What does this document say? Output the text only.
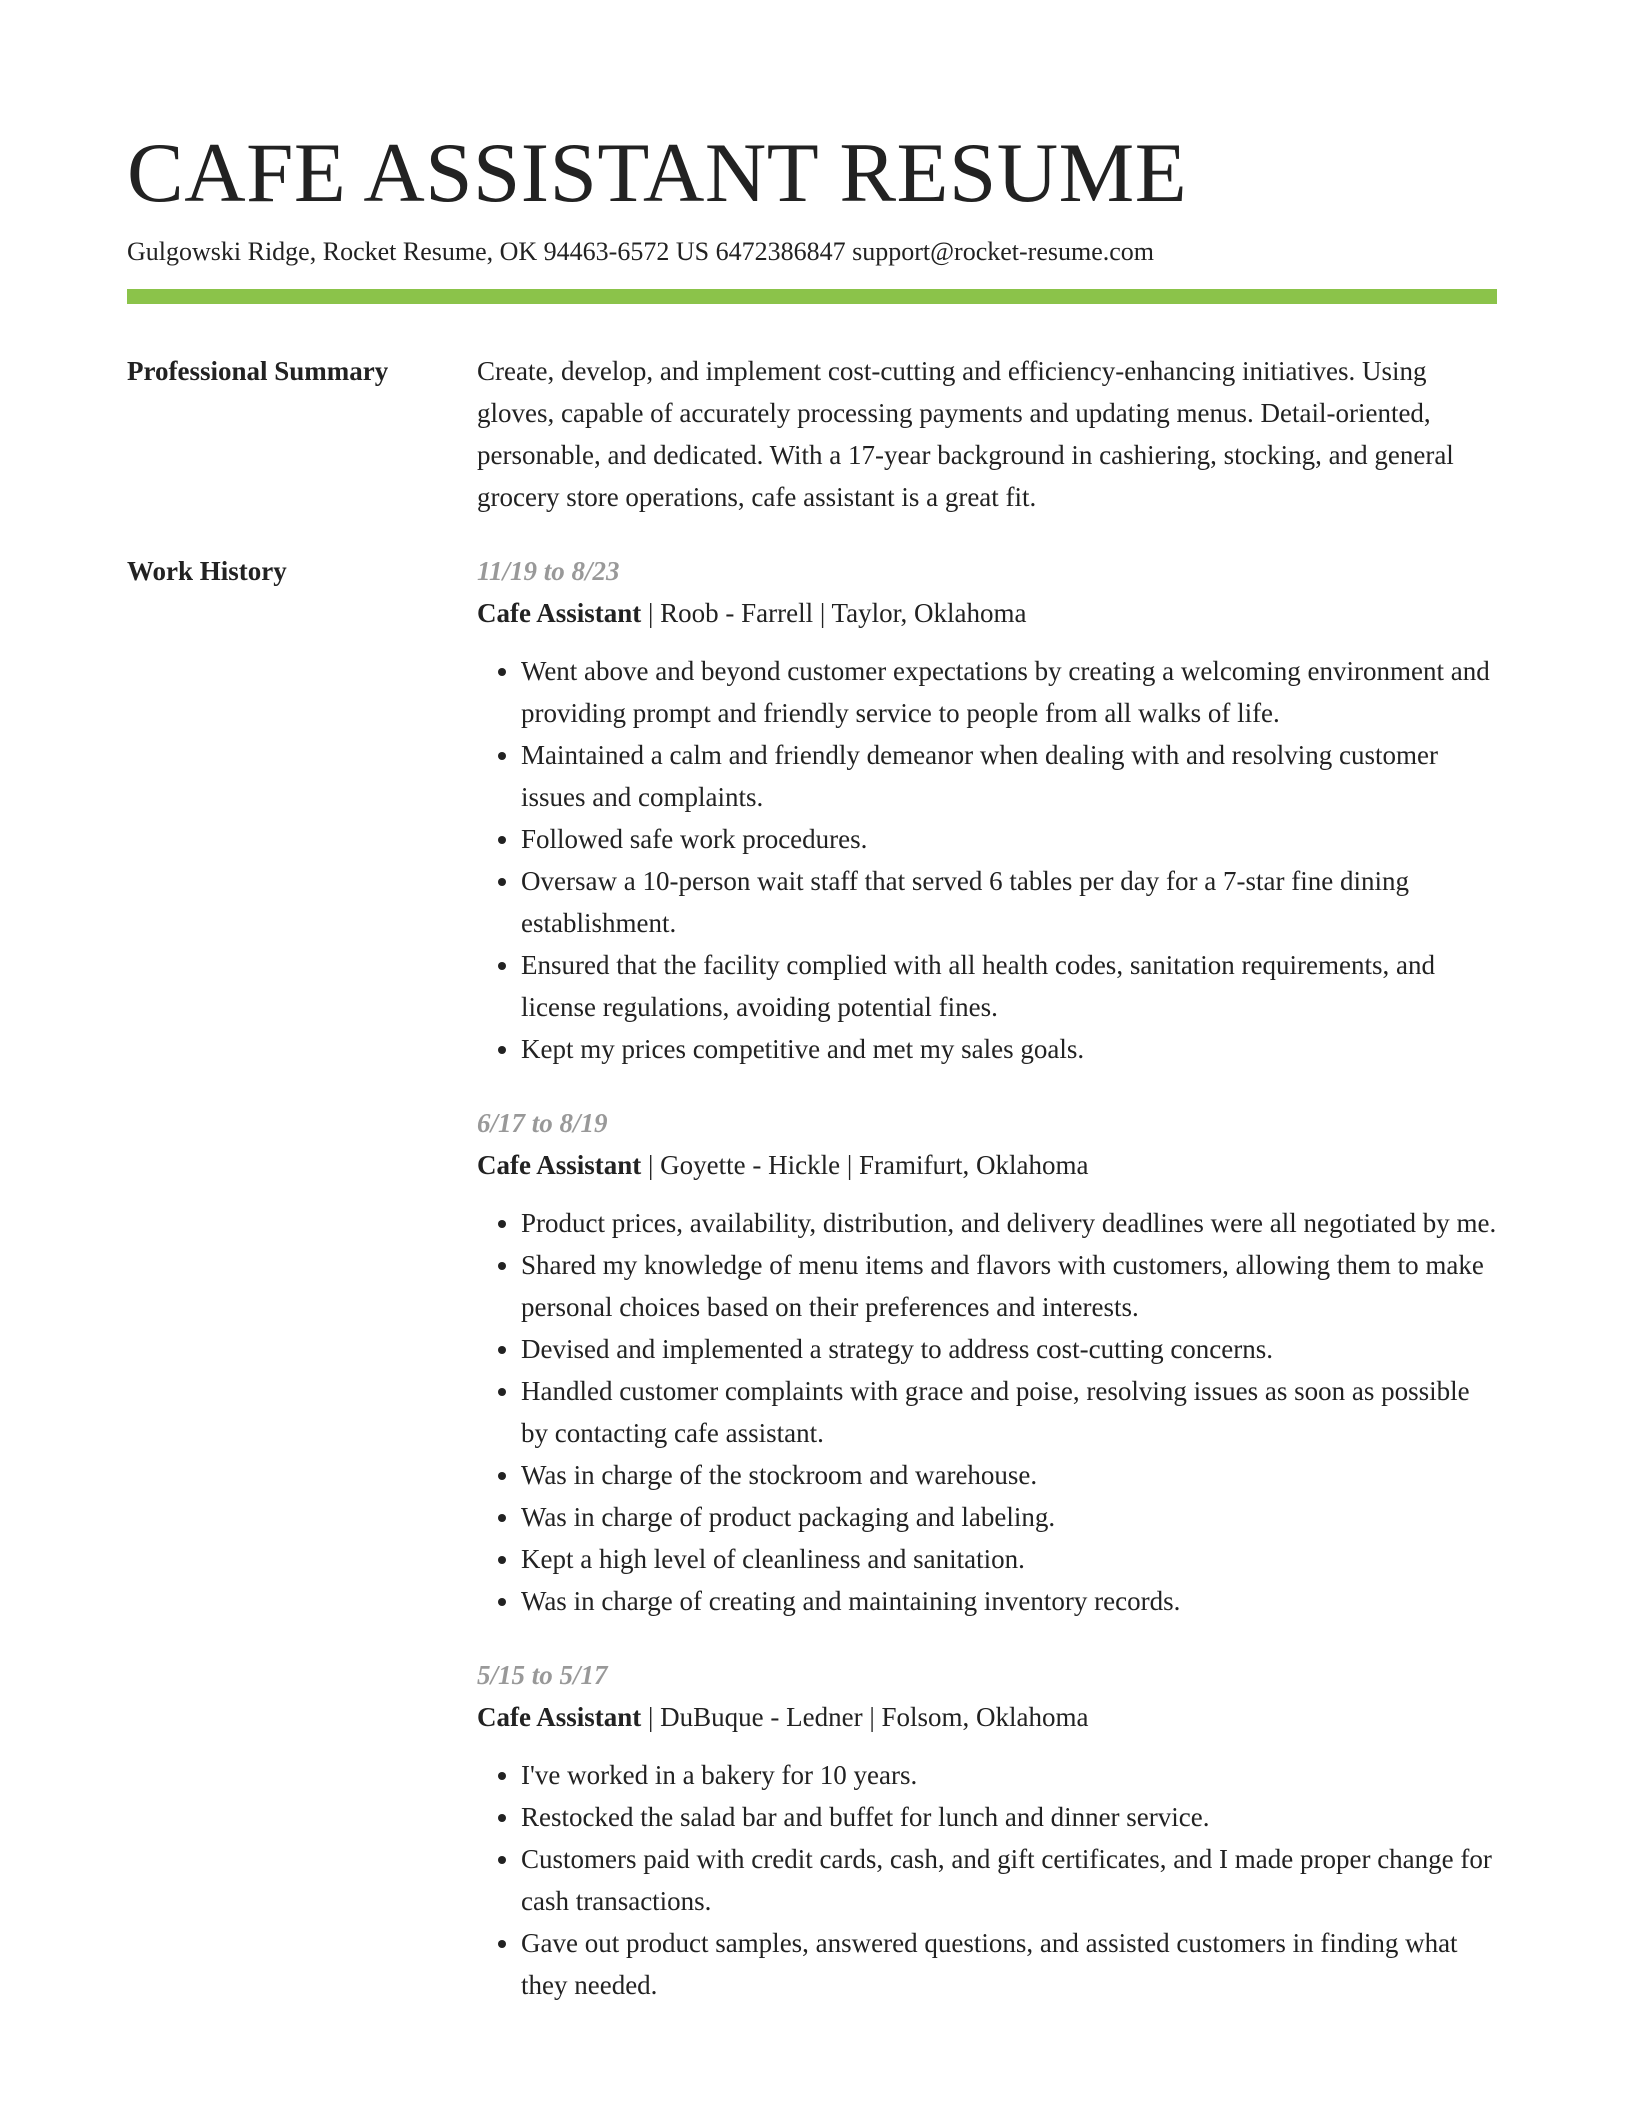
CAFE ASSISTANT RESUME
Gulgowski Ridge, Rocket Resume, OK 94463-6572 US 6472386847 support@rocket-resume.com
Professional Summary	Create, develop, and implement cost-cutting and efficiency-enhancing initiatives. Using gloves, capable of accurately processing payments and updating menus. Detail-oriented, personable, and dedicated. With a 17-year background in cashiering, stocking, and general grocery store operations, cafe assistant is a great fit.

Work History	11/19 to 8/23
Cafe Assistant | Roob - Farrell | Taylor, Oklahoma
• Went above and beyond customer expectations by creating a welcoming environment and providing prompt and friendly service to people from all walks of life.
• Maintained a calm and friendly demeanor when dealing with and resolving customer issues and complaints.
• Followed safe work procedures.
• Oversaw a 10-person wait staff that served 6 tables per day for a 7-star fine dining establishment.
• Ensured that the facility complied with all health codes, sanitation requirements, and license regulations, avoiding potential fines.
• Kept my prices competitive and met my sales goals.
6/17 to 8/19
Cafe Assistant | Goyette - Hickle | Framifurt, Oklahoma
• Product prices, availability, distribution, and delivery deadlines were all negotiated by me.
• Shared my knowledge of menu items and flavors with customers, allowing them to make personal choices based on their preferences and interests.
• Devised and implemented a strategy to address cost-cutting concerns.
• Handled customer complaints with grace and poise, resolving issues as soon as possible by contacting cafe assistant.
• Was in charge of the stockroom and warehouse.
• Was in charge of product packaging and labeling.
• Kept a high level of cleanliness and sanitation.
• Was in charge of creating and maintaining inventory records.
5/15 to 5/17
Cafe Assistant | DuBuque - Ledner | Folsom, Oklahoma
• I've worked in a bakery for 10 years.
• Restocked the salad bar and buffet for lunch and dinner service.
• Customers paid with credit cards, cash, and gift certificates, and I made proper change for cash transactions.
• Gave out product samples, answered questions, and assisted customers in finding what they needed.
